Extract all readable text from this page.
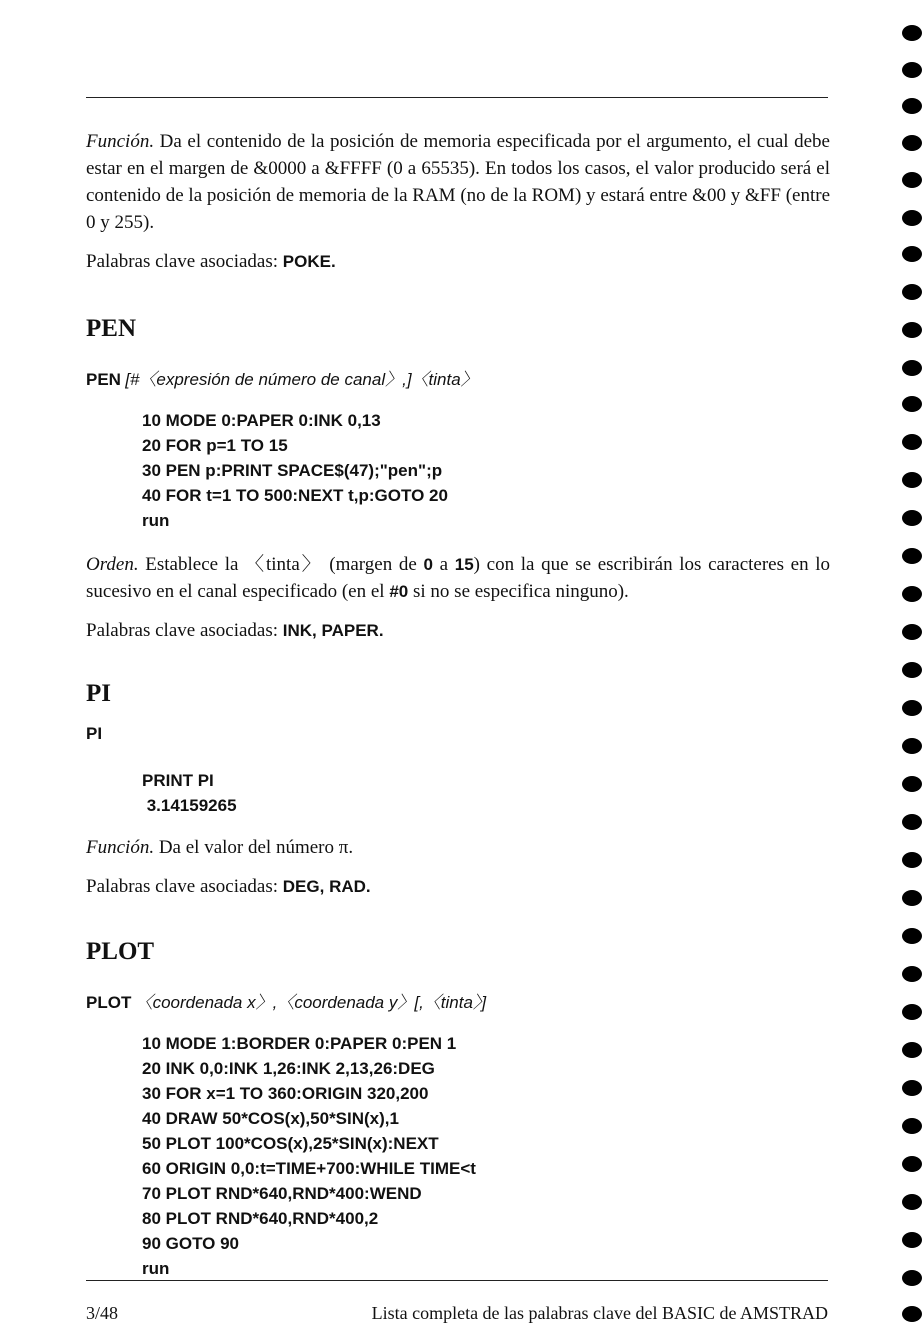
Función. Da el contenido de la posición de memoria especificada por el argumento, el cual debe estar en el margen de &0000 a &FFFF (0 a 65535). En todos los casos, el valor producido será el contenido de la posición de memoria de la RAM (no de la ROM) y estará entre &00 y &FF (entre 0 y 255).

Palabras clave asociadas: POKE.

PEN

PEN [#〈expresión de número de canal〉,]〈tinta〉

10 MODE 0:PAPER 0:INK 0,13
20 FOR p=1 TO 15
30 PEN p:PRINT SPACE$(47);"pen";p
40 FOR t=1 TO 500:NEXT t,p:GOTO 20
run

Orden. Establece la 〈tinta〉 (margen de 0 a 15) con la que se escribirán los caracteres en lo sucesivo en el canal especificado (en el #0 si no se especifica ninguno).

Palabras clave asociadas: INK, PAPER.

PI

PI

PRINT PI
3.14159265

Función. Da el valor del número π.

Palabras clave asociadas: DEG, RAD.

PLOT

PLOT 〈coordenada x〉,〈coordenada y〉[,〈tinta〉]

10 MODE 1:BORDER 0:PAPER 0:PEN 1
20 INK 0,0:INK 1,26:INK 2,13,26:DEG
30 FOR x=1 TO 360:ORIGIN 320,200
40 DRAW 50*COS(x),50*SIN(x),1
50 PLOT 100*COS(x),25*SIN(x):NEXT
60 ORIGIN 0,0:t=TIME+700:WHILE TIME<t
70 PLOT RND*640,RND*400:WEND
80 PLOT RND*640,RND*400,2
90 GOTO 90
run
3/48	Lista completa de las palabras clave del BASIC de AMSTRAD
